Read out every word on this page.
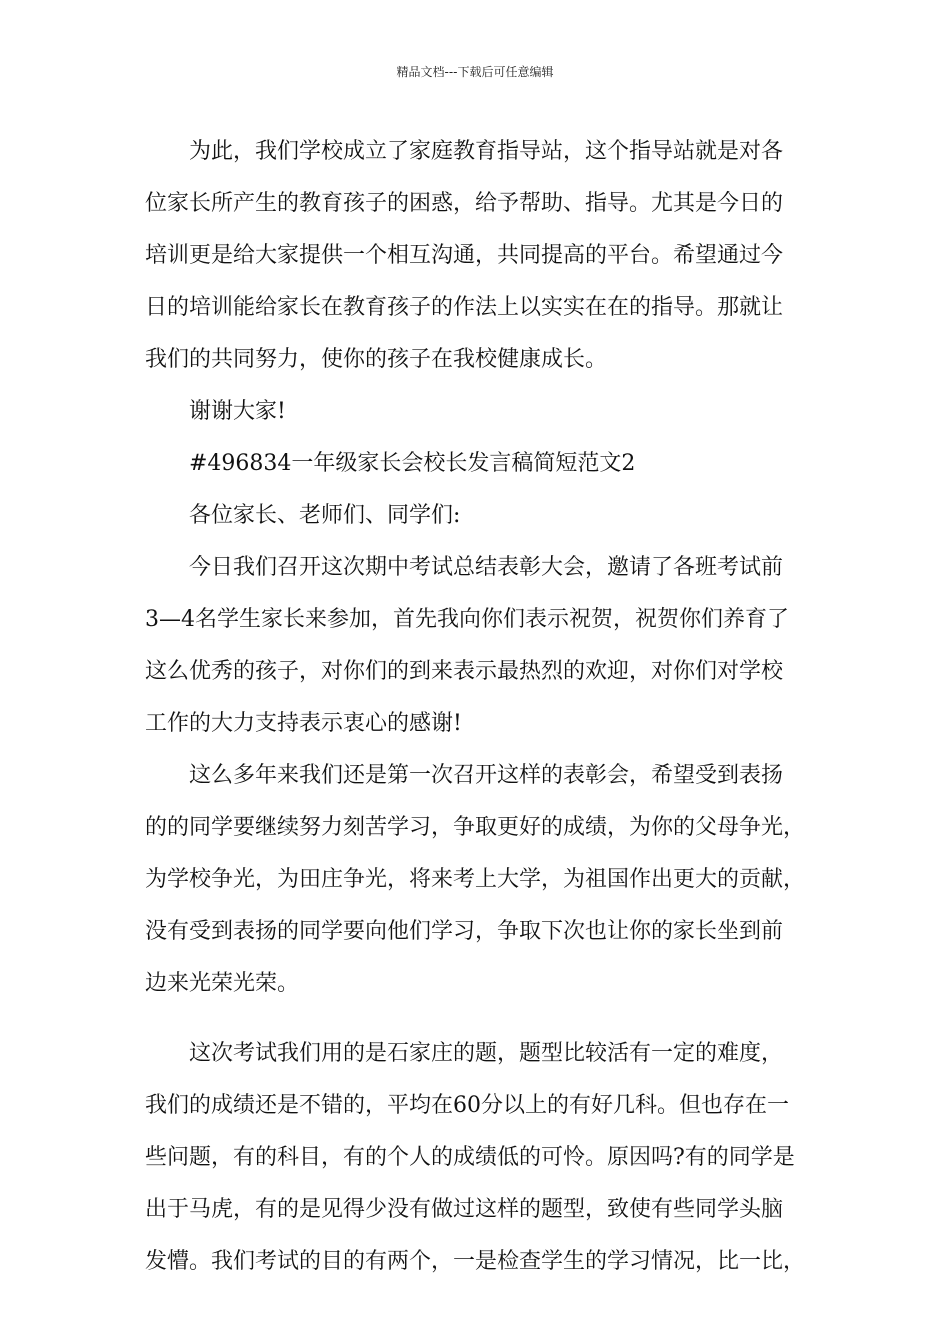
精品文档---下载后可任意编辑
为此，我们学校成立了家庭教育指导站，这个指导站就是对各
位家长所产生的教育孩子的困惑，给予帮助、指导。尤其是今日的
培训更是给大家提供一个相互沟通，共同提高的平台。希望通过今
日的培训能给家长在教育孩子的作法上以实实在在的指导。那就让
我们的共同努力，使你的孩子在我校健康成长。
谢谢大家!
#496834一年级家长会校长发言稿简短范文2
各位家长、老师们、同学们:
今日我们召开这次期中考试总结表彰大会，邀请了各班考试前
3—4名学生家长来参加，首先我向你们表示祝贺，祝贺你们养育了
这么优秀的孩子，对你们的到来表示最热烈的欢迎，对你们对学校
工作的大力支持表示衷心的感谢!
这么多年来我们还是第一次召开这样的表彰会，希望受到表扬
的的同学要继续努力刻苦学习，争取更好的成绩，为你的父母争光，
为学校争光，为田庄争光，将来考上大学，为祖国作出更大的贡献，
没有受到表扬的同学要向他们学习，争取下次也让你的家长坐到前
边来光荣光荣。
这次考试我们用的是石家庄的题，题型比较活有一定的难度，
我们的成绩还是不错的，平均在60分以上的有好几科。但也存在一
些问题，有的科目，有的个人的成绩低的可怜。原因吗?有的同学是
出于马虎，有的是见得少没有做过这样的题型，致使有些同学头脑
发懵。我们考试的目的有两个，一是检查学生的学习情况，比一比，
